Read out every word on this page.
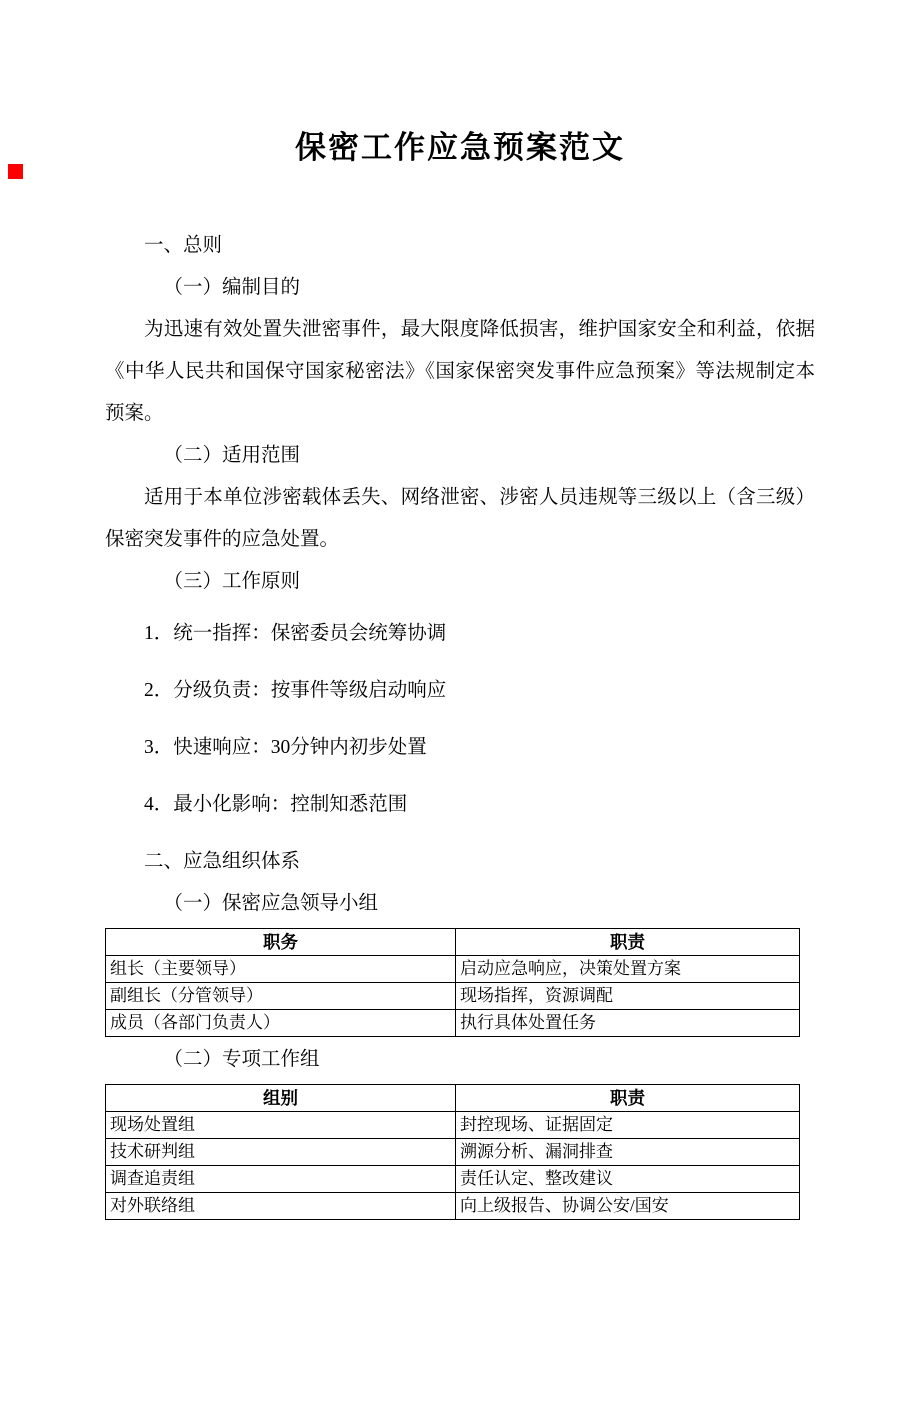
保密工作应急预案范文

一、总则

（一）编制目的

为迅速有效处置失泄密事件，最大限度降低损害，维护国家安全和利益，依据《中华人民共和国保守国家秘密法》《国家保密突发事件应急预案》等法规制定本预案。

（二）适用范围

适用于本单位涉密载体丢失、网络泄密、涉密人员违规等三级以上（含三级）保密突发事件的应急处置。

（三）工作原则

1．统一指挥：保密委员会统筹协调

2．分级负责：按事件等级启动响应

3．快速响应：30分钟内初步处置

4．最小化影响：控制知悉范围

二、应急组织体系

（一）保密应急领导小组

职务	职责
组长（主要领导）	启动应急响应，决策处置方案
副组长（分管领导）	现场指挥，资源调配
成员（各部门负责人）	执行具体处置任务

（二）专项工作组

组别	职责
现场处置组	封控现场、证据固定
技术研判组	溯源分析、漏洞排查
调查追责组	责任认定、整改建议
对外联络组	向上级报告、协调公安/国安
